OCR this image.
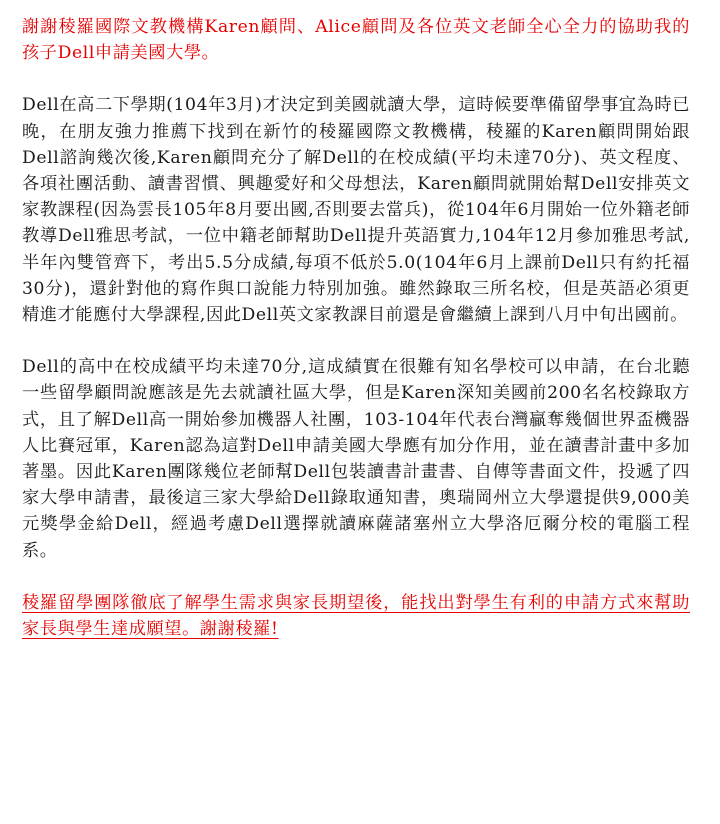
謝謝稜羅國際文教機構Karen顧問、Alice顧問及各位英文老師全心全力的協助我的孩子Dell申請美國大學。

Dell在高二下學期(104年3月)才決定到美國就讀大學，這時候要準備留學事宜為時已晚，在朋友強力推薦下找到在新竹的稜羅國際文教機構，稜羅的Karen顧問開始跟Dell諮詢幾次後,Karen顧問充分了解Dell的在校成績(平均未達70分)、英文程度、各項社團活動、讀書習慣、興趣愛好和父母想法，Karen顧問就開始幫Dell安排英文家教課程(因為雲長105年8月要出國,否則要去當兵)，從104年6月開始一位外籍老師教導Dell雅思考試，一位中籍老師幫助Dell提升英語實力,104年12月參加雅思考試,半年內雙管齊下，考出5.5分成績,每項不低於5.0(104年6月上課前Dell只有約托福30分)，還針對他的寫作與口說能力特別加強。雖然錄取三所名校，但是英語必須更精進才能應付大學課程,因此Dell英文家教課目前還是會繼續上課到八月中旬出國前。

Dell的高中在校成績平均未達70分,這成績實在很難有知名學校可以申請，在台北聽一些留學顧問說應該是先去就讀社區大學，但是Karen深知美國前200名名校錄取方式，且了解Dell高一開始參加機器人社團，103-104年代表台灣贏奪幾個世界盃機器人比賽冠軍，Karen認為這對Dell申請美國大學應有加分作用，並在讀書計畫中多加著墨。因此Karen團隊幾位老師幫Dell包裝讀書計畫書、自傳等書面文件，投遞了四家大學申請書，最後這三家大學給Dell錄取通知書，奧瑞岡州立大學還提供9,000美元獎學金給Dell，經過考慮Dell選擇就讀麻薩諸塞州立大學洛厄爾分校的電腦工程系。

稜羅留學團隊徹底了解學生需求與家長期望後，能找出對學生有利的申請方式來幫助家長與學生達成願望。謝謝稜羅!
